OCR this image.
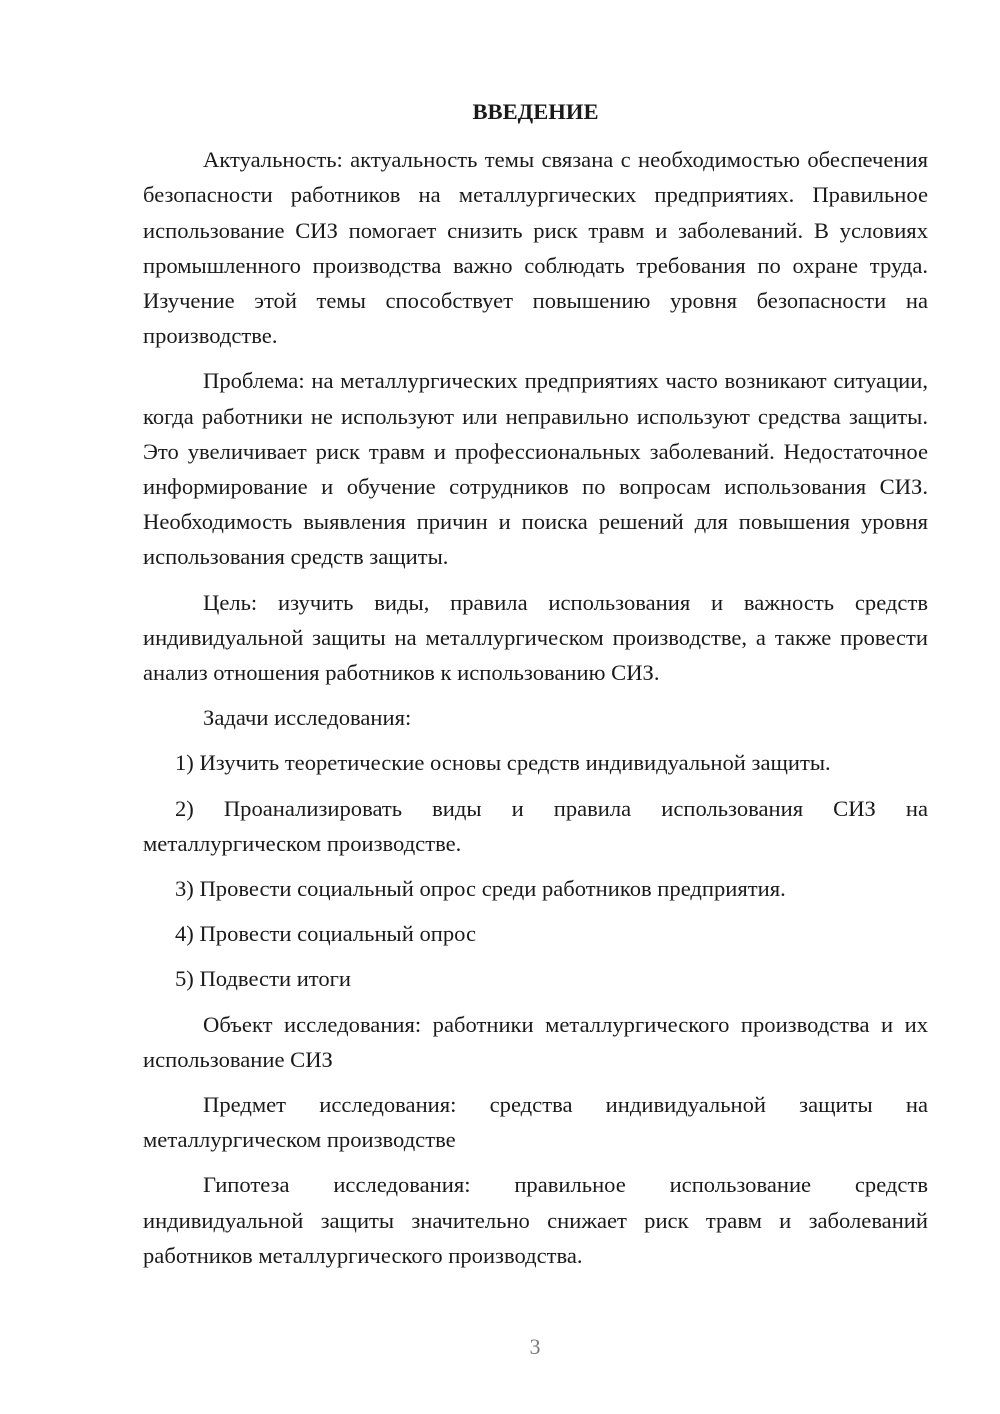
ВВЕДЕНИЕ

Актуальность: актуальность темы связана с необходимостью обеспечения безопасности работников на металлургических предприятиях. Правильное использование СИЗ помогает снизить риск травм и заболеваний. В условиях промышленного производства важно соблюдать требования по охране труда. Изучение этой темы способствует повышению уровня безопасности на производстве.

Проблема: на металлургических предприятиях часто возникают ситуации, когда работники не используют или неправильно используют средства защиты. Это увеличивает риск травм и профессиональных заболеваний. Недостаточное информирование и обучение сотрудников по вопросам использования СИЗ. Необходимость выявления причин и поиска решений для повышения уровня использования средств защиты.

Цель: изучить виды, правила использования и важность средств индивидуальной защиты на металлургическом производстве, а также провести анализ отношения работников к использованию СИЗ.

Задачи исследования:

1) Изучить теоретические основы средств индивидуальной защиты.

2) Проанализировать виды и правила использования СИЗ на металлургическом производстве.

3) Провести социальный опрос среди работников предприятия.

4) Провести социальный опрос

5) Подвести итоги

Объект исследования: работники металлургического производства и их использование СИЗ

Предмет исследования: средства индивидуальной защиты на металлургическом производстве

Гипотеза исследования: правильное использование средств индивидуальной защиты значительно снижает риск травм и заболеваний работников металлургического производства.

3
